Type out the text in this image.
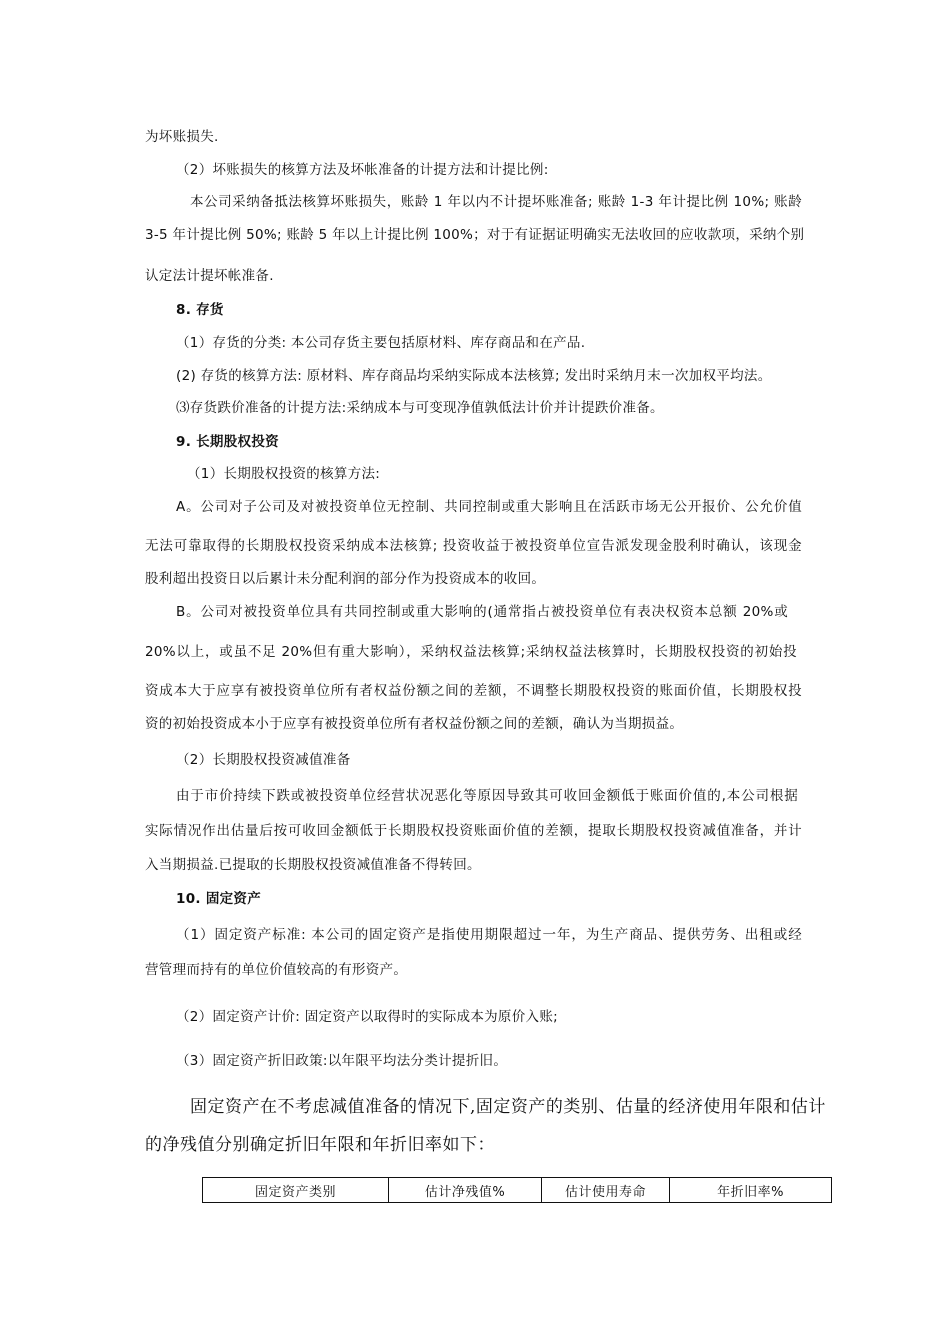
为坏账损失.
（2）坏账损失的核算方法及坏帐准备的计提方法和计提比例:
本公司采纳备抵法核算坏账损失，账龄 1 年以内不计提坏账准备; 账龄 1-3 年计提比例 10%; 账龄
3-5 年计提比例 50%; 账龄 5 年以上计提比例 100%；对于有证据证明确实无法收回的应收款项，采纳个别
认定法计提坏帐准备.
8. 存货
（1）存货的分类: 本公司存货主要包括原材料、库存商品和在产品.
(2) 存货的核算方法: 原材料、库存商品均采纳实际成本法核算; 发出时采纳月末一次加权平均法。
⑶存货跌价准备的计提方法:采纳成本与可变现净值孰低法计价并计提跌价准备。
9. 长期股权投资
（1）长期股权投资的核算方法:
A。公司对子公司及对被投资单位无控制、共同控制或重大影响且在活跃市场无公开报价、公允价值
无法可靠取得的长期股权投资采纳成本法核算; 投资收益于被投资单位宣告派发现金股利时确认，该现金
股利超出投资日以后累计未分配利润的部分作为投资成本的收回。
B。公司对被投资单位具有共同控制或重大影响的(通常指占被投资单位有表决权资本总额 20%或
20%以上，或虽不足 20%但有重大影响），采纳权益法核算;采纳权益法核算时，长期股权投资的初始投
资成本大于应享有被投资单位所有者权益份额之间的差额，不调整长期股权投资的账面价值，长期股权投
资的初始投资成本小于应享有被投资单位所有者权益份额之间的差额，确认为当期损益。
（2）长期股权投资减值准备
由于市价持续下跌或被投资单位经营状况恶化等原因导致其可收回金额低于账面价值的,本公司根据
实际情况作出估量后按可收回金额低于长期股权投资账面价值的差额，提取长期股权投资减值准备，并计
入当期损益.已提取的长期股权投资减值准备不得转回。
10. 固定资产
（1）固定资产标准: 本公司的固定资产是指使用期限超过一年，为生产商品、提供劳务、出租或经
营管理而持有的单位价值较高的有形资产。
（2）固定资产计价: 固定资产以取得时的实际成本为原价入账;
（3）固定资产折旧政策:以年限平均法分类计提折旧。
固定资产在不考虑减值准备的情况下,固定资产的类别、估量的经济使用年限和估计
的净残值分别确定折旧年限和年折旧率如下：
固定资产类别	估计净残值%	估计使用寿命	年折旧率%
